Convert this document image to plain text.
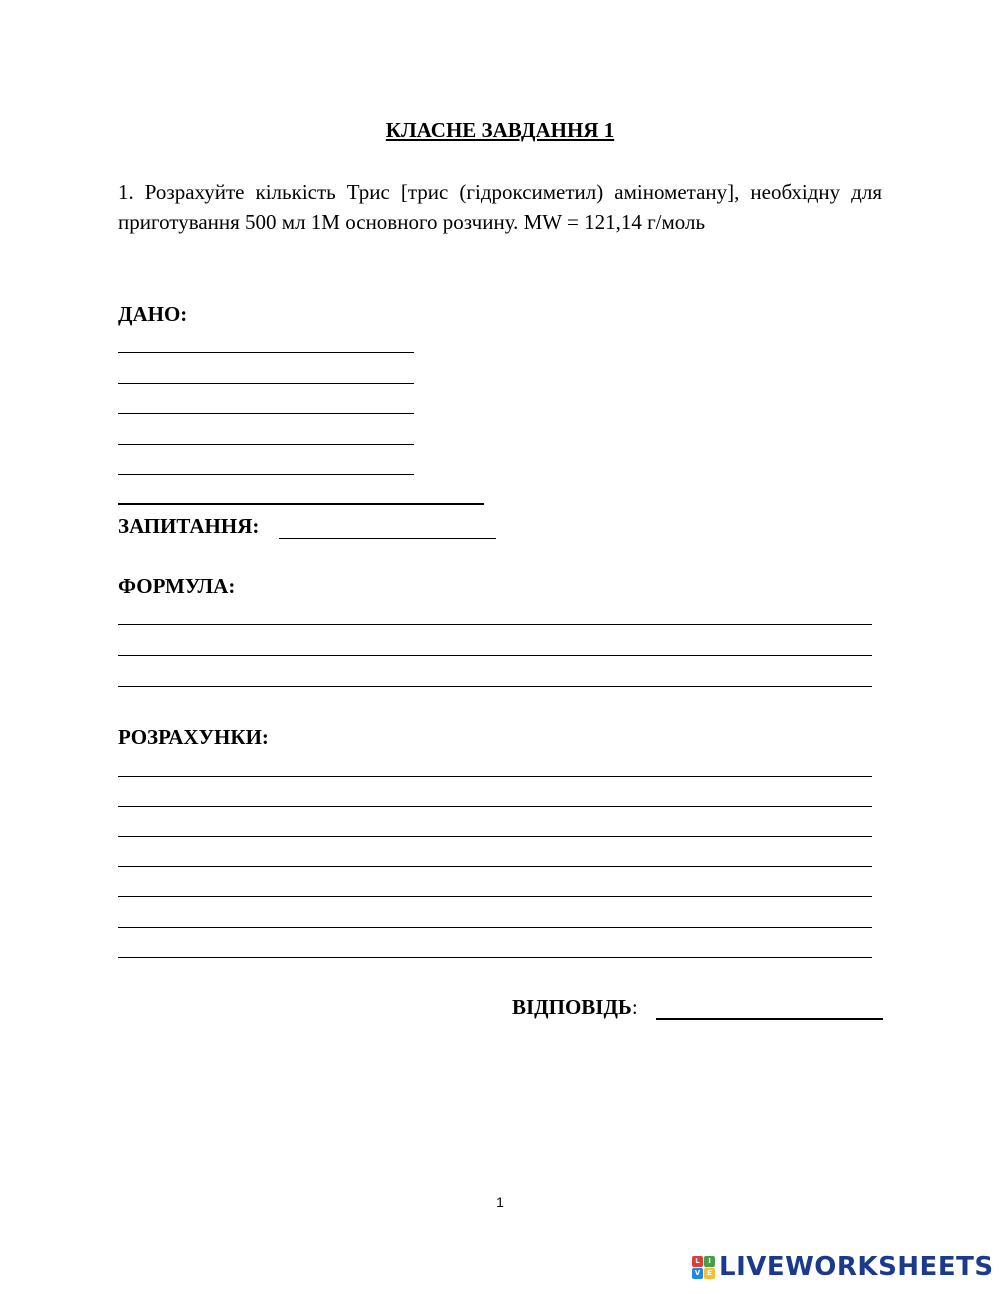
КЛАСНЕ ЗАВДАННЯ 1
1. Розрахуйте кількість Трис [трис (гідроксиметил) амінометану], необхідну для приготування 500 мл 1М основного розчину. MW = 121,14 г/моль
ДАНО:
ЗАПИТАННЯ:
ФОРМУЛА:
РОЗРАХУНКИ:
ВІДПОВІДЬ:
1
L	I
V E LIVEWORKSHEETS
